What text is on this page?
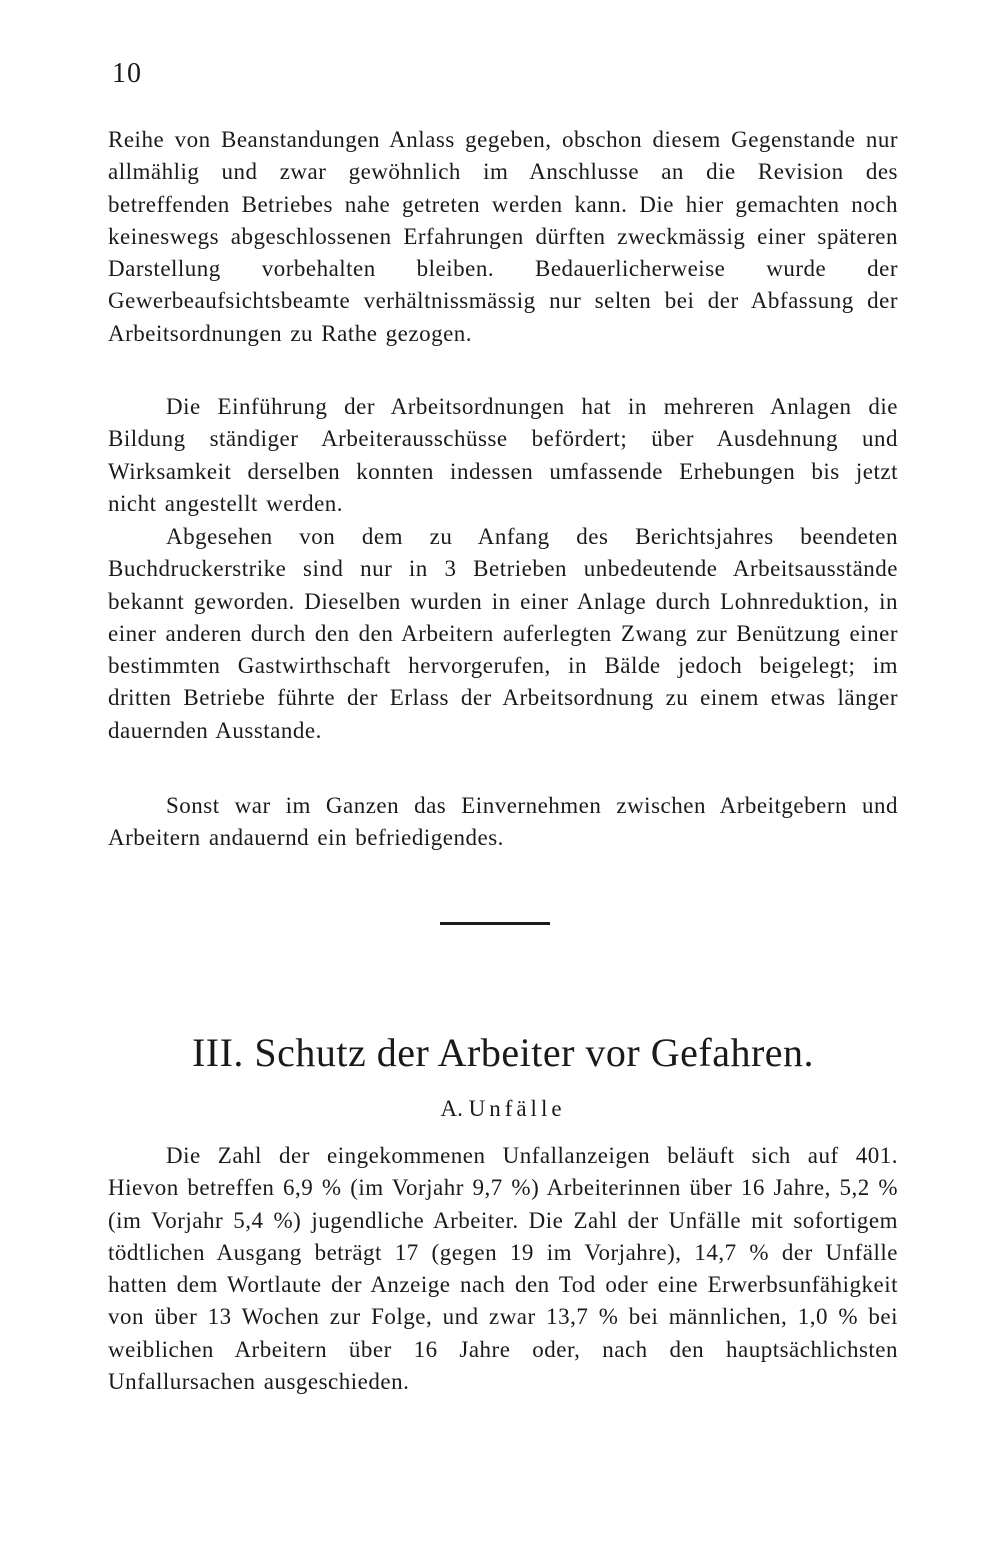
10

Reihe von Beanstandungen Anlass gegeben, obschon diesem Gegenstande nur allmählig und zwar gewöhnlich im Anschlusse an die Revision des betreffenden Betriebes nahe getreten werden kann. Die hier gemachten noch keineswegs abgeschlossenen Erfahrungen dürften zweckmässig einer späteren Darstellung vorbehalten bleiben. Bedauerlicherweise wurde der Gewerbeaufsichtsbeamte verhältnissmässig nur selten bei der Abfassung der Arbeitsordnungen zu Rathe gezogen.

Die Einführung der Arbeitsordnungen hat in mehreren Anlagen die Bildung ständiger Arbeiterausschüsse befördert; über Ausdehnung und Wirksamkeit derselben konnten indessen umfassende Erhebungen bis jetzt nicht angestellt werden.

Abgesehen von dem zu Anfang des Berichtsjahres beendeten Buchdruckerstrike sind nur in 3 Betrieben unbedeutende Arbeitsausstände bekannt geworden. Dieselben wurden in einer Anlage durch Lohnreduktion, in einer anderen durch den den Arbeitern auferlegten Zwang zur Benützung einer bestimmten Gastwirthschaft hervorgerufen, in Bälde jedoch beigelegt; im dritten Betriebe führte der Erlass der Arbeitsordnung zu einem etwas länger dauernden Ausstande.

Sonst war im Ganzen das Einvernehmen zwischen Arbeitgebern und Arbeitern andauernd ein befriedigendes.

III. Schutz der Arbeiter vor Gefahren.
A. Unfälle

Die Zahl der eingekommenen Unfallanzeigen beläuft sich auf 401. Hievon betreffen 6,9 % (im Vorjahr 9,7 %) Arbeiterinnen über 16 Jahre, 5,2 % (im Vorjahr 5,4 %) jugendliche Arbeiter. Die Zahl der Unfälle mit sofortigem tödtlichen Ausgang beträgt 17 (gegen 19 im Vorjahre), 14,7 % der Unfälle hatten dem Wortlaute der Anzeige nach den Tod oder eine Erwerbsunfähigkeit von über 13 Wochen zur Folge, und zwar 13,7 % bei männlichen, 1,0 % bei weiblichen Arbeitern über 16 Jahre oder, nach den hauptsächlichsten Unfallursachen ausgeschieden.
